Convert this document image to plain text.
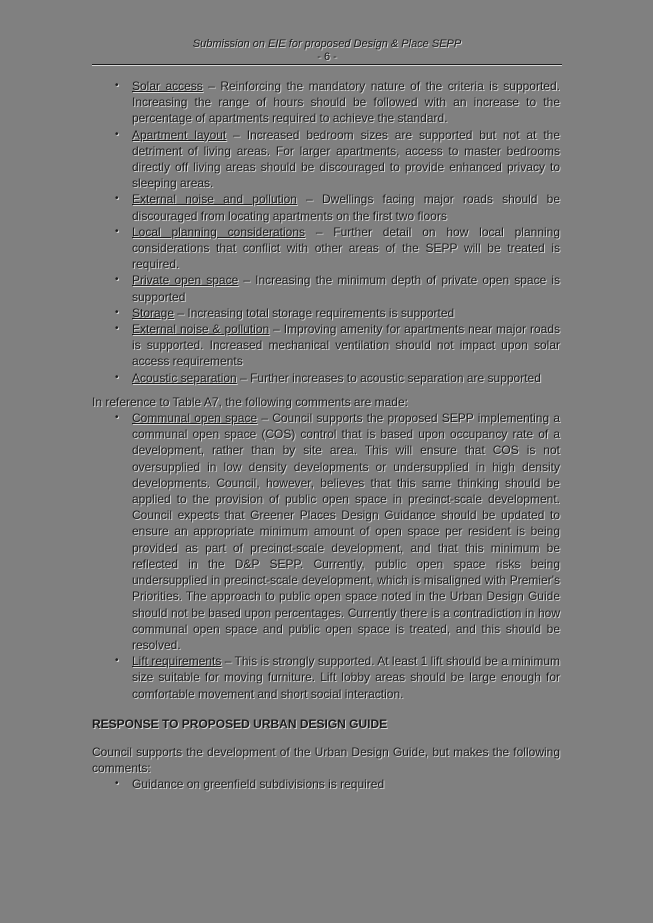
Submission on EIE for proposed Design & Place SEPP
- 6 -
• Solar access – Reinforcing the mandatory nature of the criteria is supported. Increasing the range of hours should be followed with an increase to the percentage of apartments required to achieve the standard.
• Apartment layout – Increased bedroom sizes are supported but not at the detriment of living areas. For larger apartments, access to master bedrooms directly off living areas should be discouraged to provide enhanced privacy to sleeping areas.
• External noise and pollution – Dwellings facing major roads should be discouraged from locating apartments on the first two floors
• Local planning considerations – Further detail on how local planning considerations that conflict with other areas of the SEPP will be treated is required.
• Private open space – Increasing the minimum depth of private open space is supported
• Storage – Increasing total storage requirements is supported
• External noise & pollution – Improving amenity for apartments near major roads is supported. Increased mechanical ventilation should not impact upon solar access requirements
• Acoustic separation – Further increases to acoustic separation are supported

In reference to Table A7, the following comments are made:

• Communal open space – Council supports the proposed SEPP implementing a communal open space (COS) control that is based upon occupancy rate of a development, rather than by site area. This will ensure that COS is not oversupplied in low density developments or undersupplied in high density developments. Council, however, believes that this same thinking should be applied to the provision of public open space in precinct-scale development. Council expects that Greener Places Design Guidance should be updated to ensure an appropriate minimum amount of open space per resident is being provided as part of precinct-scale development, and that this minimum be reflected in the D&P SEPP. Currently, public open space risks being undersupplied in precinct-scale development, which is misaligned with Premier's Priorities. The approach to public open space noted in the Urban Design Guide should not be based upon percentages. Currently there is a contradiction in how communal open space and public open space is treated, and this should be resolved.
• Lift requirements – This is strongly supported. At least 1 lift should be a minimum size suitable for moving furniture. Lift lobby areas should be large enough for comfortable movement and short social interaction.

RESPONSE TO PROPOSED URBAN DESIGN GUIDE

Council supports the development of the Urban Design Guide, but makes the following comments:

• Guidance on greenfield subdivisions is required
